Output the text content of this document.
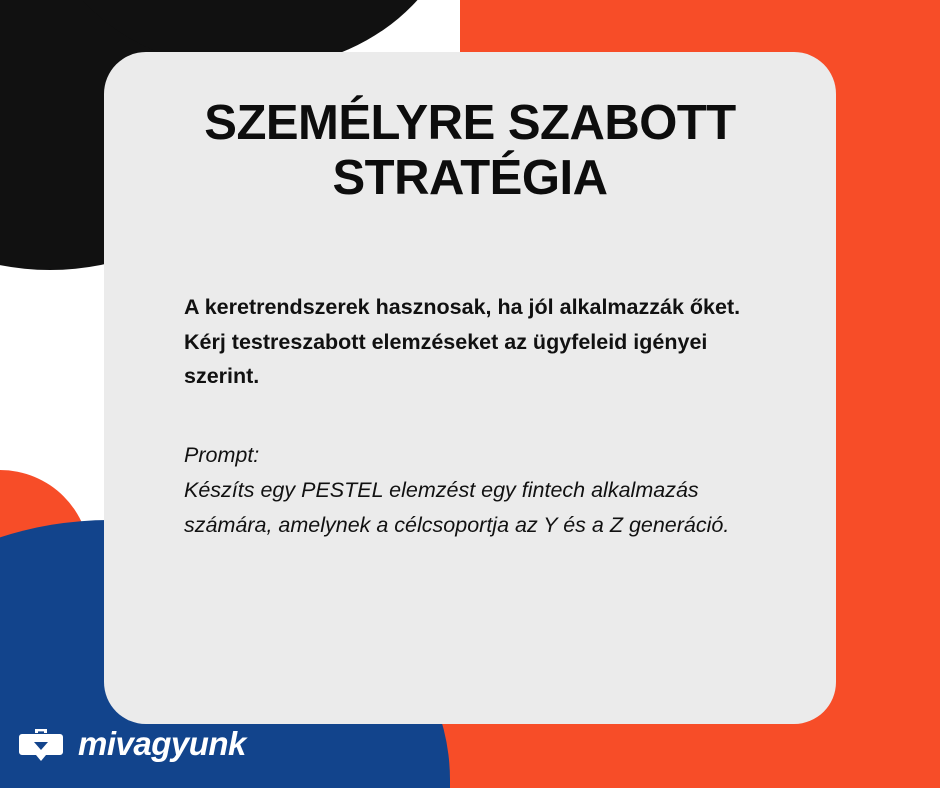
SZEMÉLYRE SZABOTT STRATÉGIA

A keretrendszerek hasznosak, ha jól alkalmazzák őket. Kérj testreszabott elemzéseket az ügyfeleid igényei szerint.

Prompt:
Készíts egy PESTEL elemzést egy fintech alkalmazás számára, amelynek a célcsoportja az Y és a Z generáció.
mivagyunk
